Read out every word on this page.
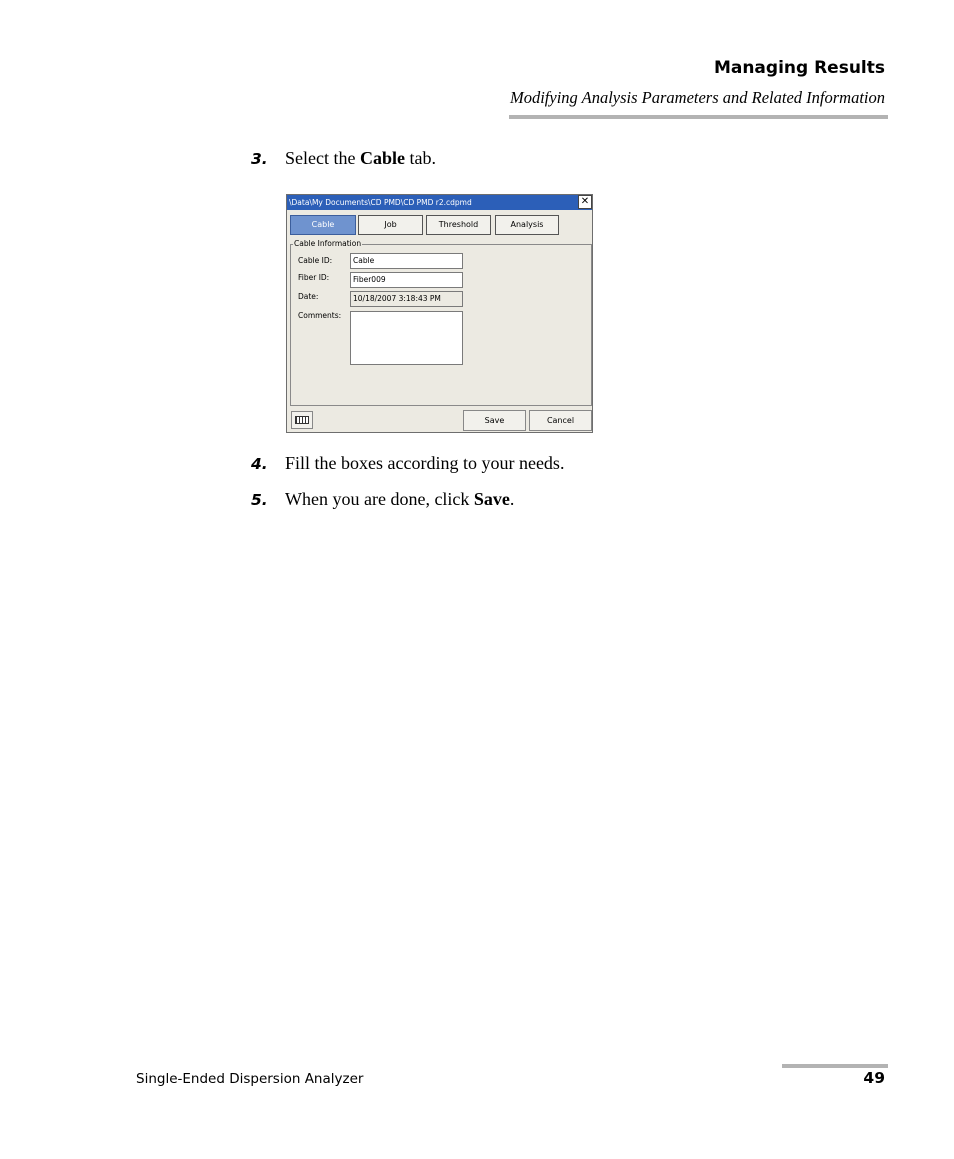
Managing Results
Modifying Analysis Parameters and Related Information
3. Select the Cable tab.
\Data\My Documents\CD PMD\CD PMD r2.cdpmd	✕
Cable	Job	Threshold	Analysis
Cable Information
Cable ID:	Cable
Fiber ID:	Fiber009
Date:	10/18/2007 3:18:43 PM
Comments:
Save	Cancel
4. Fill the boxes according to your needs.
5. When you are done, click Save.
Single-Ended Dispersion Analyzer	49
